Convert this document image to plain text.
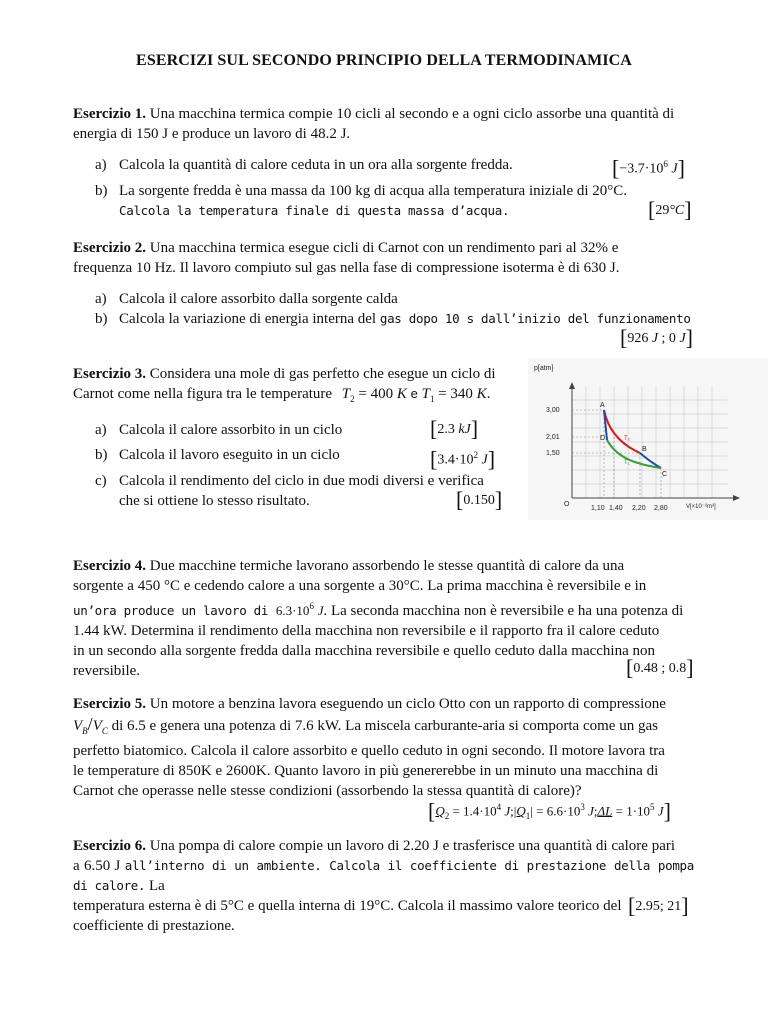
ESERCIZI SUL SECONDO PRINCIPIO DELLA TERMODINAMICA
Esercizio 1. Una macchina termica compie 10 cicli al secondo e a ogni ciclo assorbe una quantità di
energia di 150 J e produce un lavoro di 48.2 J.
a) Calcola la quantità di calore ceduta in un ora alla sorgente fredda.	[$-3.7\cdot 10^6$ J]
b) La sorgente fredda è una massa da 100 kg di acqua alla temperatura iniziale di 20°C.
Calcola la temperatura finale di questa massa d’acqua.	[29°C]
Esercizio 2. Una macchina termica esegue cicli di Carnot con un rendimento pari al 32% e
frequenza 10 Hz. Il lavoro compiuto sul gas nella fase di compressione isoterma è di 630 J.
a) Calcola il calore assorbito dalla sorgente calda
b) Calcola la variazione di energia interna del gas dopo 10 s dall’inizio del funzionamento
[926 J ; 0 J]
Esercizio 3. Considera una mole di gas perfetto che esegue un ciclo di
Carnot come nella figura tra le temperature $T_2 = 400$ K e $T_1 = 340$ K.
a) Calcola il calore assorbito in un ciclo	[2.3 kJ]
b) Calcola il lavoro eseguito in un ciclo	[$3.4\cdot 10^2$ J]
c) Calcola il rendimento del ciclo in due modi diversi e verifica
che si ottiene lo stesso risultato.	[0.150]
p[atm]
3,00
2,01
1,50
1,10 1,40 2,20 2,80	V[×10⁻²m³]
O
A
B
C
D	T₂
T₁
Esercizio 4. Due macchine termiche lavorano assorbendo le stesse quantità di calore da una
sorgente a 450 °C e cedendo calore a una sorgente a 30°C. La prima macchina è reversibile e in
un’ora produce un lavoro di $6.3\cdot 10^6$ J. La seconda macchina non è reversibile e ha una potenza di
1.44 kW. Determina il rendimento della macchina non reversibile e il rapporto fra il calore ceduto
in un secondo alla sorgente fredda dalla macchina reversibile e quello ceduto dalla macchina non
reversibile.	[0.48 ; 0.8]
Esercizio 5. Un motore a benzina lavora eseguendo un ciclo Otto con un rapporto di compressione
$V_B/V_C$ di 6.5 e genera una potenza di 7.6 kW. La miscela carburante-aria si comporta come un gas
perfetto biatomico. Calcola il calore assorbito e quello ceduto in ogni secondo. Il motore lavora tra
le temperature di 850K e 2600K. Quanto lavoro in più genererebbe in un minuto una macchina di
Carnot che operasse nelle stesse condizioni (assorbendo la stessa quantità di calore)?
[$Q_2 = 1.4\cdot 10^4$ $J;|Q_1| = 6.6\cdot 10^3$ J;ΔL = $1\cdot 10^5$ J]
Esercizio 6. Una pompa di calore compie un lavoro di 2.20 J e trasferisce una quantità di calore pari
a 6.50 J all’interno di un ambiente. Calcola il coefficiente di prestazione della pompa di calore. La
temperatura esterna è di 5°C e quella interna di 19°C. Calcola il massimo valore teorico del
coefficiente di prestazione.
[2.95; 21]
